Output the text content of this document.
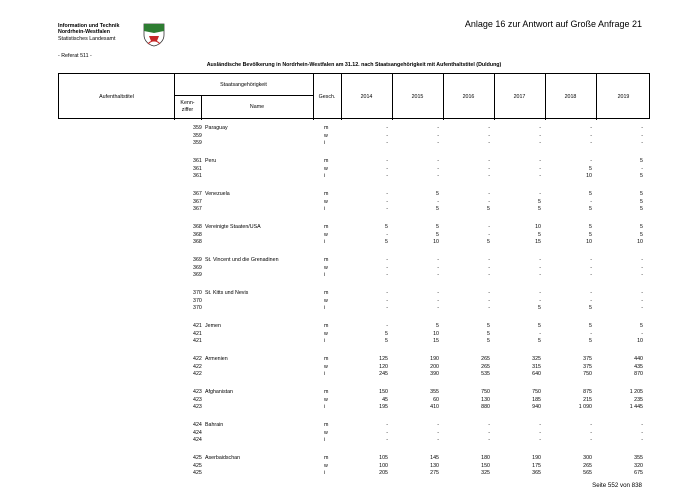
Information und Technik
Nordrhein-Westfalen
Statistisches Landesamt
Anlage 16 zur Antwort auf Große Anfrage 21
- Referat 511 -
Ausländische Bevölkerung in Nordrhein-Westfalen am 31.12. nach Staatsangehörigkeit mit Aufenthaltstitel (Duldung)
Aufenthaltstitel
Staatsangehörigkeit
Kenn-
ziffer	Name
Gesch.	2014	2015	2016	2017	2018	2019
359 Paraguay	m	-	-	-	-	-	-
359	w	-	-	-	-	-	-
359	i	-	-	-	-	-	-
361 Peru	m	-	-	-	-	-	5
361	w	-	-	-	-	5	-
361	i	-	-	-	-	10	5
367 Venezuela	m	-	5	-	-	5	5
367	w	-	-	-	5	-	5
367	i	-	5	5	5	5	5
368 Vereinigte Staaten/USA	m	5	5	-	10	5	5
368	w	-	5	-	5	5	5
368	i	5	10	5	15	10	10
369 St. Vincent und die Grenadinen	m	-	-	-	-	-	-
369	w	-	-	-	-	-	-
369	i	-	-	-	-	-	-
370 St. Kitts und Nevis	m	-	-	-	-	-	-
370	w	-	-	-	-	-	-
370	i	-	-	-	5	5	-
421 Jemen	m	-	5	5	5	5	5
421	w	5	10	5	-	-	-
421	i	5	15	5	5	5	10
422 Armenien	m	125	190	265	325	375	440
422	w	120	200	265	315	375	435
422	i	245	390	535	640	750	870
423 Afghanistan	m	150	355	750	750	875	1 205
423	w	45	60	130	185	215	235
423	i	195	410	880	940	1 090	1 445
424 Bahrain	m	-	-	-	-	-	-
424	w	-	-	-	-	-	-
424	i	-	-	-	-	-	-
425 Aserbaidschan	m	105	145	180	190	300	355
425	w	100	130	150	175	265	320
425	i	205	275	325	365	565	675
Seite 552 von 838
